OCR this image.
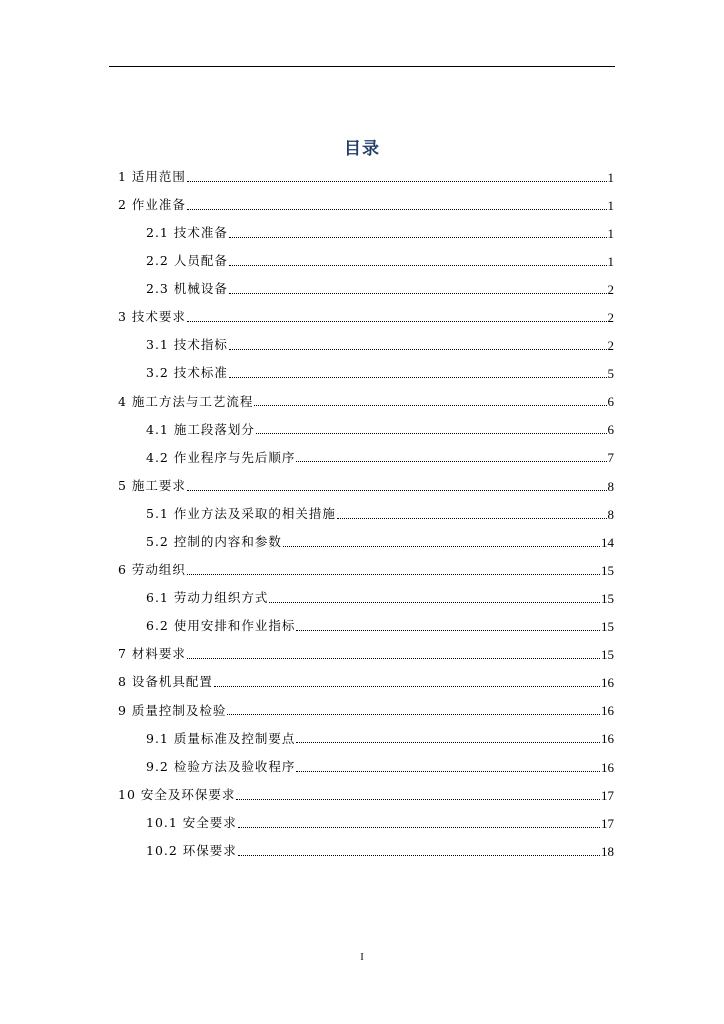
目录
1 适用范围	1
2 作业准备	1
2.1 技术准备	1
2.2 人员配备	1
2.3 机械设备	2
3 技术要求	2
3.1 技术指标	2
3.2 技术标准	5
4 施工方法与工艺流程	6
4.1 施工段落划分	6
4.2 作业程序与先后顺序	7
5 施工要求	8
5.1 作业方法及采取的相关措施	8
5.2 控制的内容和参数	14
6 劳动组织	15
6.1 劳动力组织方式	15
6.2 使用安排和作业指标	15
7 材料要求	15
8 设备机具配置	16
9 质量控制及检验	16
9.1 质量标准及控制要点	16
9.2 检验方法及验收程序	16
10 安全及环保要求	17
10.1 安全要求	17
10.2 环保要求	18
I
